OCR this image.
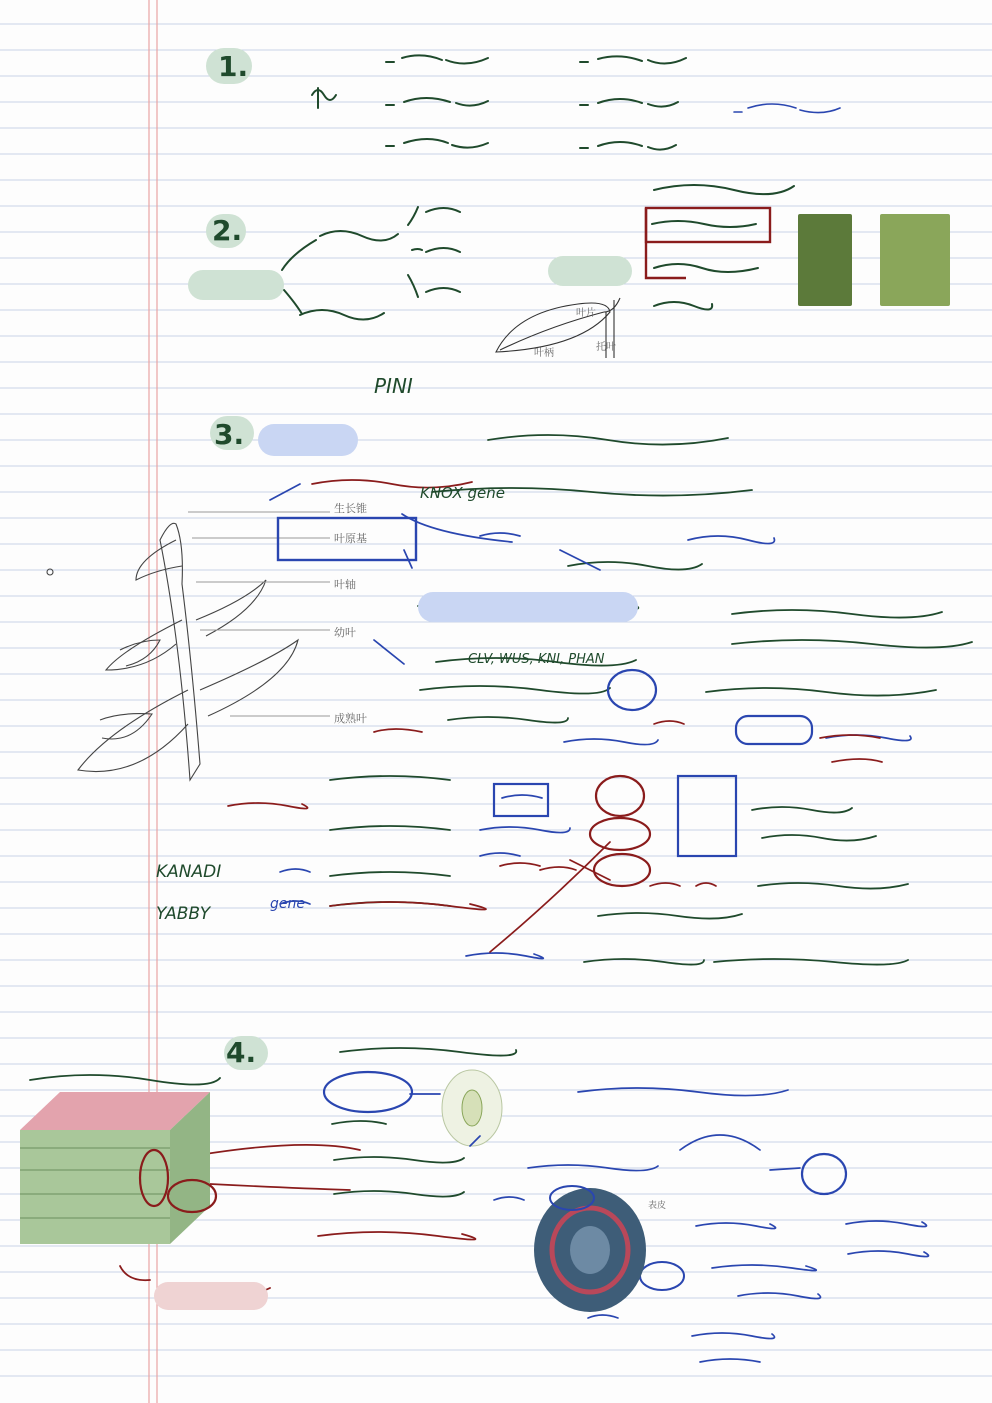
1.
2.
3.
4.
PINI
KNOX gene
CLV, WUS, KNI, PHAN
KANADI
YABBY	gene
叶片
叶柄
托叶
生长锥
叶原基
叶轴
幼叶
成熟叶
表皮
